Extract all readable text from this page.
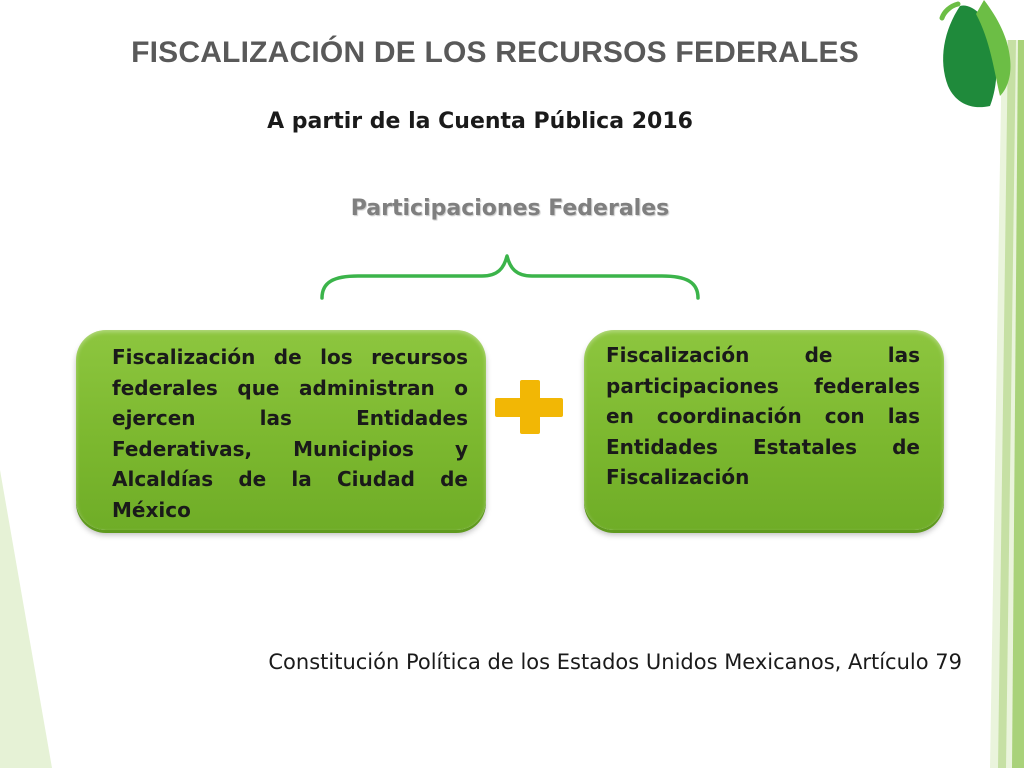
FISCALIZACIÓN DE LOS RECURSOS FEDERALES
A partir de la Cuenta Pública 2016
Participaciones Federales
Fiscalización de los recursos federales que administran o ejercen las Entidades Federativas, Municipios y Alcaldías de la Ciudad de México
Fiscalización de las participaciones federales en coordinación con las Entidades Estatales de Fiscalización
Constitución Política de los Estados Unidos Mexicanos, Artículo 79
